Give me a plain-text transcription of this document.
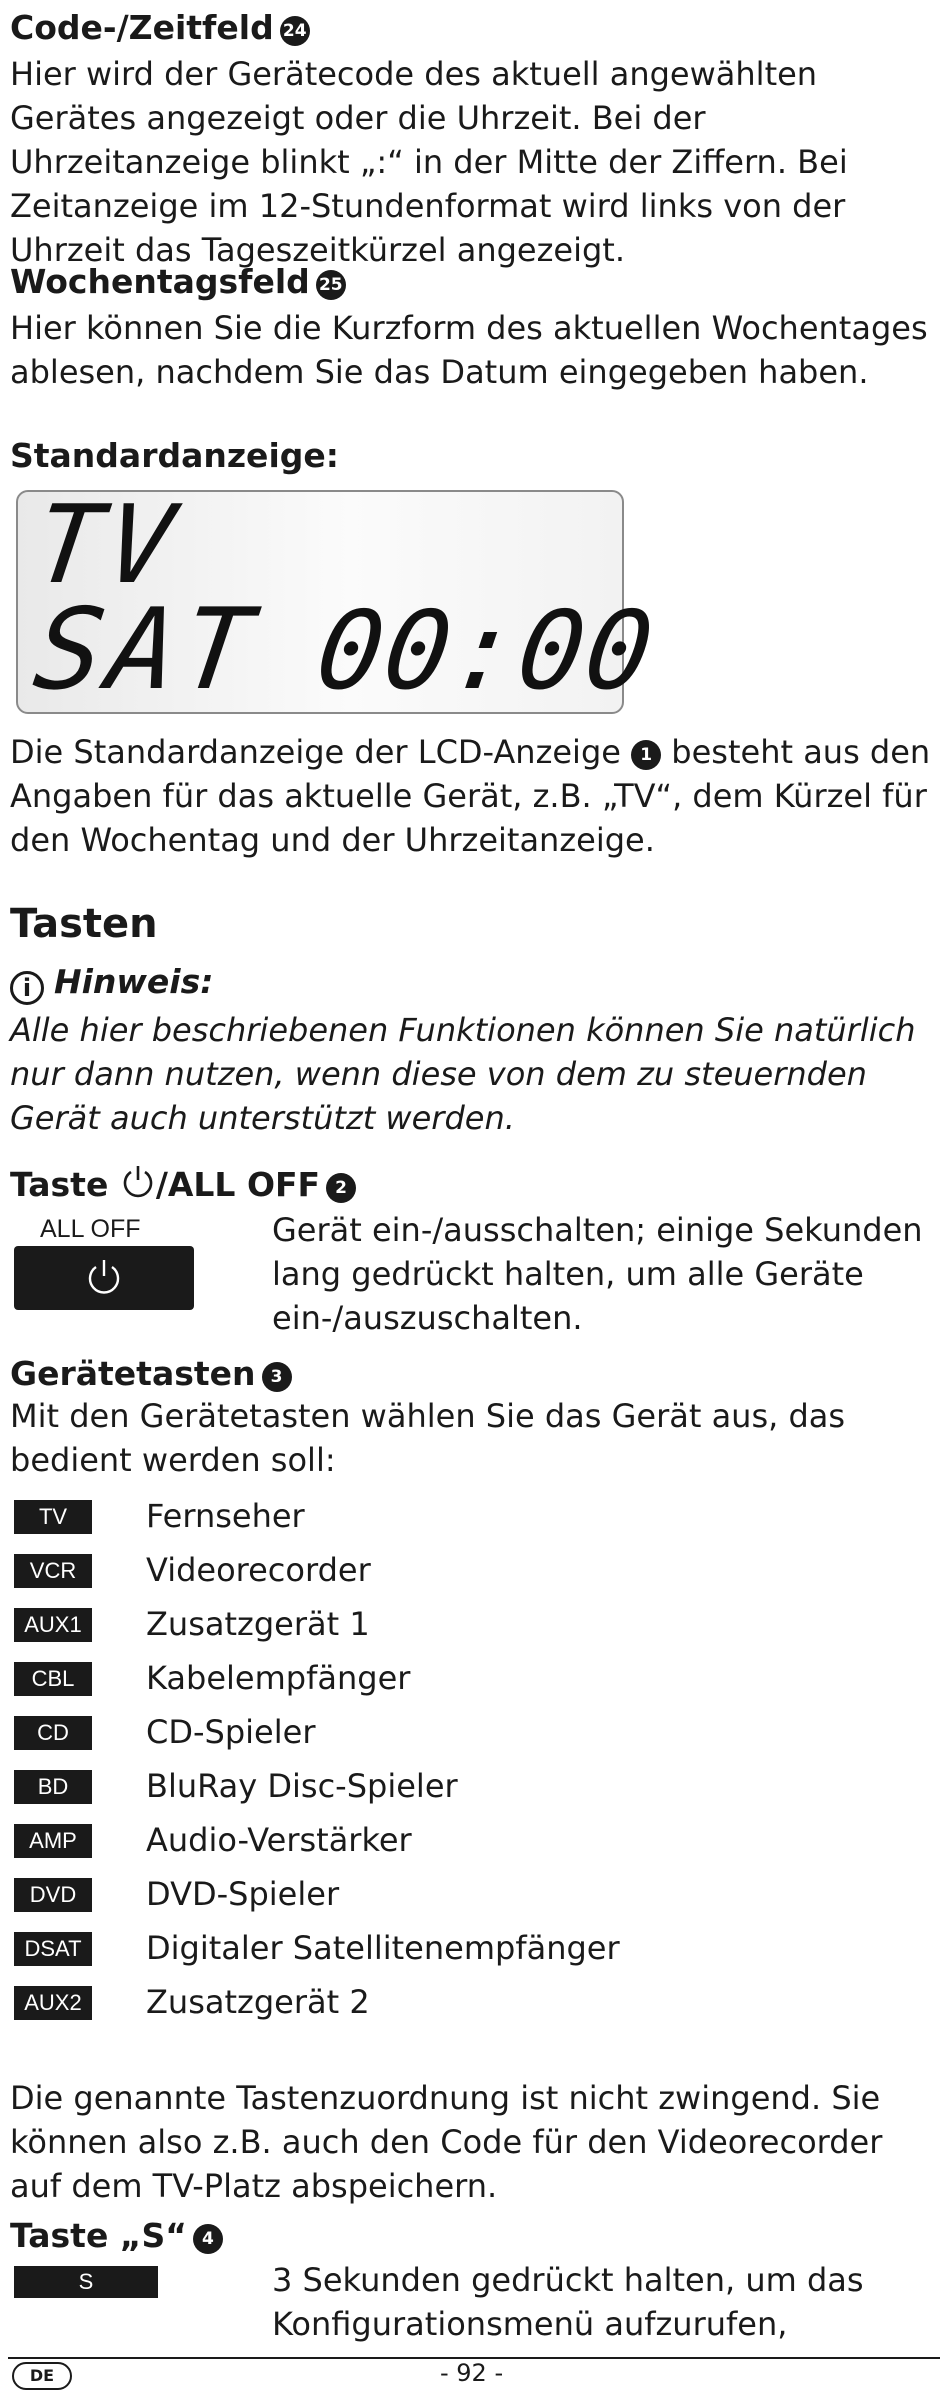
Code-/Zeitfeld 24

Hier wird der Gerätecode des aktuell angewählten Gerätes angezeigt oder die Uhrzeit. Bei der Uhrzeitanzeige blinkt „:“ in der Mitte der Ziffern. Bei Zeitanzeige im 12-Stundenformat wird links von der Uhrzeit das Tageszeitkürzel angezeigt.

Wochentagsfeld 25

Hier können Sie die Kurzform des aktuellen Wochentages ablesen, nachdem Sie das Datum eingegeben haben.

Standardanzeige:
TV
SAT 00:00

Die Standardanzeige der LCD-Anzeige 1 besteht aus den Angaben für das aktuelle Gerät, z.B. „TV“, dem Kürzel für den Wochentag und der Uhrzeitanzeige.

Tasten
i Hinweis:

Alle hier beschriebenen Funktionen können Sie natürlich nur dann nutzen, wenn diese von dem zu steuernden Gerät auch unterstützt werden.

Taste /ALL OFF 2
ALL OFF	Gerät ein-/ausschalten; einige Sekunden lang gedrückt halten, um alle Geräte ein-/auszuschalten.

Gerätetasten 3

Mit den Gerätetasten wählen Sie das Gerät aus, das bedient werden soll:

TV	Fernseher
VCR	Videorecorder
AUX1	Zusatzgerät 1
CBL	Kabelempfänger
CD	CD-Spieler
BD	BluRay Disc-Spieler
AMP	Audio-Verstärker
DVD	DVD-Spieler
DSAT	Digitaler Satellitenempfänger
AUX2	Zusatzgerät 2

Die genannte Tastenzuordnung ist nicht zwingend. Sie können also z.B. auch den Code für den Videorecorder auf dem TV-Platz abspeichern.

Taste „S“ 4
S	3 Sekunden gedrückt halten, um das Konfigurationsmenü aufzurufen,

DE	- 92 -
